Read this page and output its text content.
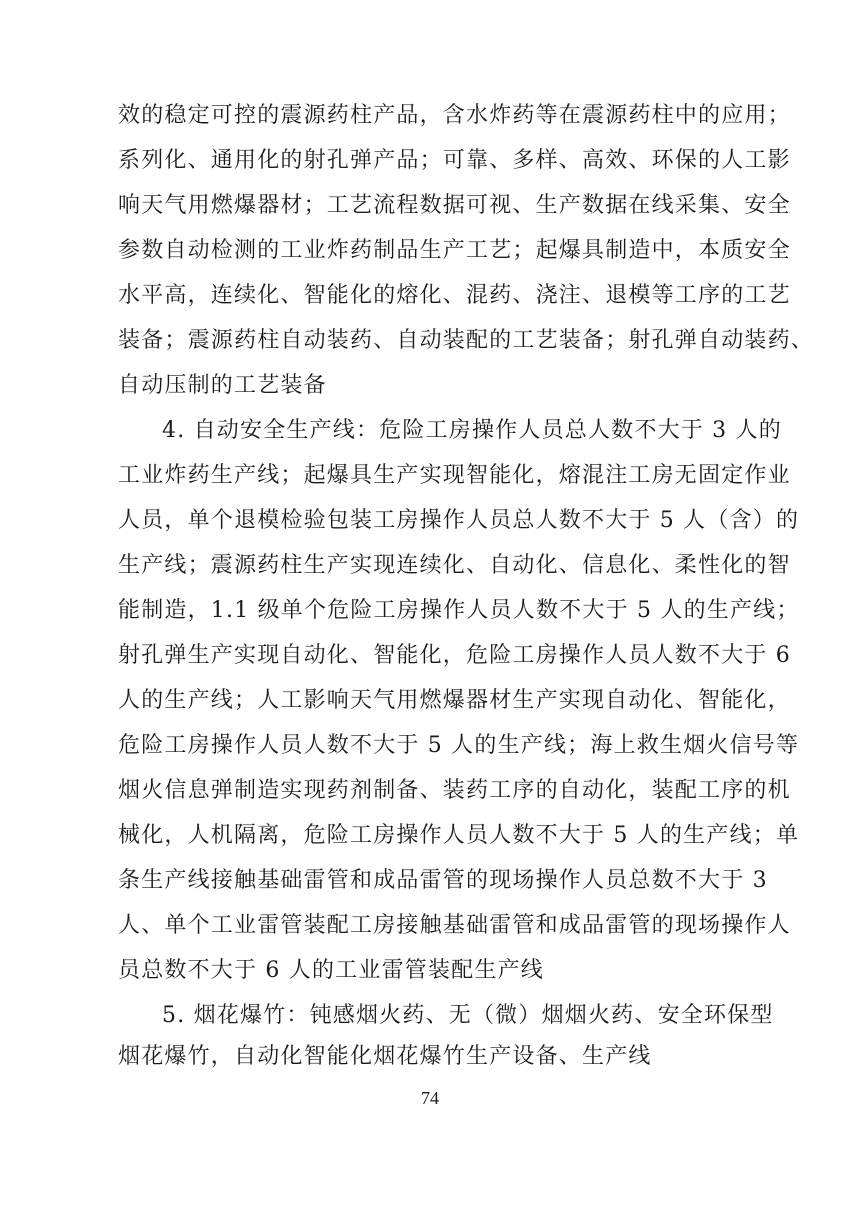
效的稳定可控的震源药柱产品，含水炸药等在震源药柱中的应用；
系列化、通用化的射孔弹产品；可靠、多样、高效、环保的人工影
响天气用燃爆器材；工艺流程数据可视、生产数据在线采集、安全
参数自动检测的工业炸药制品生产工艺；起爆具制造中，本质安全
水平高，连续化、智能化的熔化、混药、浇注、退模等工序的工艺
装备；震源药柱自动装药、自动装配的工艺装备；射孔弹自动装药、
自动压制的工艺装备
4. 自动安全生产线：危险工房操作人员总人数不大于 3 人的
工业炸药生产线；起爆具生产实现智能化，熔混注工房无固定作业
人员，单个退模检验包装工房操作人员总人数不大于 5 人（含）的
生产线；震源药柱生产实现连续化、自动化、信息化、柔性化的智
能制造，1.1 级单个危险工房操作人员人数不大于 5 人的生产线；
射孔弹生产实现自动化、智能化，危险工房操作人员人数不大于 6
人的生产线；人工影响天气用燃爆器材生产实现自动化、智能化，
危险工房操作人员人数不大于 5 人的生产线；海上救生烟火信号等
烟火信息弹制造实现药剂制备、装药工序的自动化，装配工序的机
械化，人机隔离，危险工房操作人员人数不大于 5 人的生产线；单
条生产线接触基础雷管和成品雷管的现场操作人员总数不大于 3
人、单个工业雷管装配工房接触基础雷管和成品雷管的现场操作人
员总数不大于 6 人的工业雷管装配生产线
5. 烟花爆竹：钝感烟火药、无（微）烟烟火药、安全环保型
烟花爆竹，自动化智能化烟花爆竹生产设备、生产线
74
